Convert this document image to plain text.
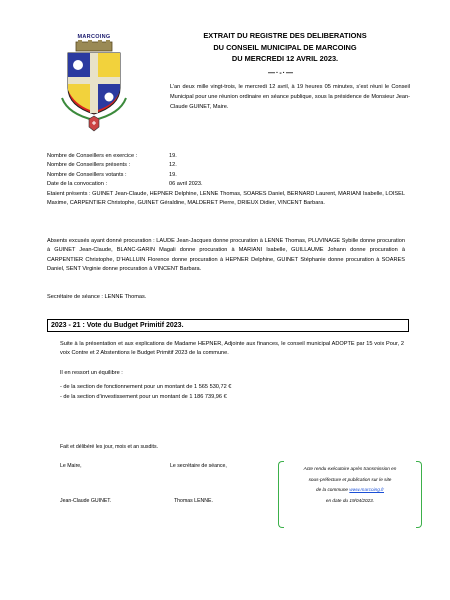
MARCOING	EXTRAIT DU REGISTRE DES DELIBERATIONS
DU CONSEIL MUNICIPAL DE MARCOING
DU MERCREDI 12 AVRIL 2023.
—·-·—
L’an deux mille vingt-trois, le mercredi 12 avril, à 19 heures 05 minutes, s’est réuni le Conseil Municipal pour une réunion ordinaire en séance publique, sous la présidence de Monsieur Jean-Claude GUINET, Maire.
Nombre de Conseillers en exercice :	19.
Nombre de Conseillers présents :	12.
Nombre de Conseillers votants :	19.
Date de la convocation :	06 avril 2023.
Etaient présents : GUINET Jean-Claude, HEPNER Delphine, LENNE Thomas, SOARES Daniel, BERNARD Laurent, MARIANI Isabelle, LOISEL Maxime, CARPENTIER Christophe, GUINET Géraldine, MALDERET Pierre, DRIEUX Didier, VINCENT Barbara.
Absents excusés ayant donné procuration : LAUDE Jean-Jacques donne procuration à LENNE Thomas, PLUVINAGE Sybille donne procuration à GUINET Jean-Claude, BLANC-GARIN Magali donne procuration à MARIANI Isabelle, GUILLAUME Johann donne procuration à CARPENTIER Christophe, D’HALLUIN Florence donne procuration à HEPNER Delphine, GUINET Stéphanie donne procuration à SOARES Daniel, SENT Virginie donne procuration à VINCENT Barbara.
Secrétaire de séance : LENNE Thomas.
2023 - 21 : Vote du Budget Primitif 2023.
Suite à la présentation et aux explications de Madame HEPNER, Adjointe aux finances, le conseil municipal ADOPTE par 15 voix Pour, 2 voix Contre et 2 Abstentions le Budget Primitif 2023 de la commune.
Il en ressort un équilibre :
- de la section de fonctionnement pour un montant de 1 565 530,72 €
- de la section d’investissement pour un montant de 1 186 739,96 €
Fait et délibéré les jour, mois et an susdits.
Le Maire,
Jean-Claude GUINET.
Le secrétaire de séance,
Thomas LENNE.
Acte rendu exécutoire après transmission en
sous-préfecture et publication sur le site
de la commune www.marcoing.fr
en date du 19/04/2023.
